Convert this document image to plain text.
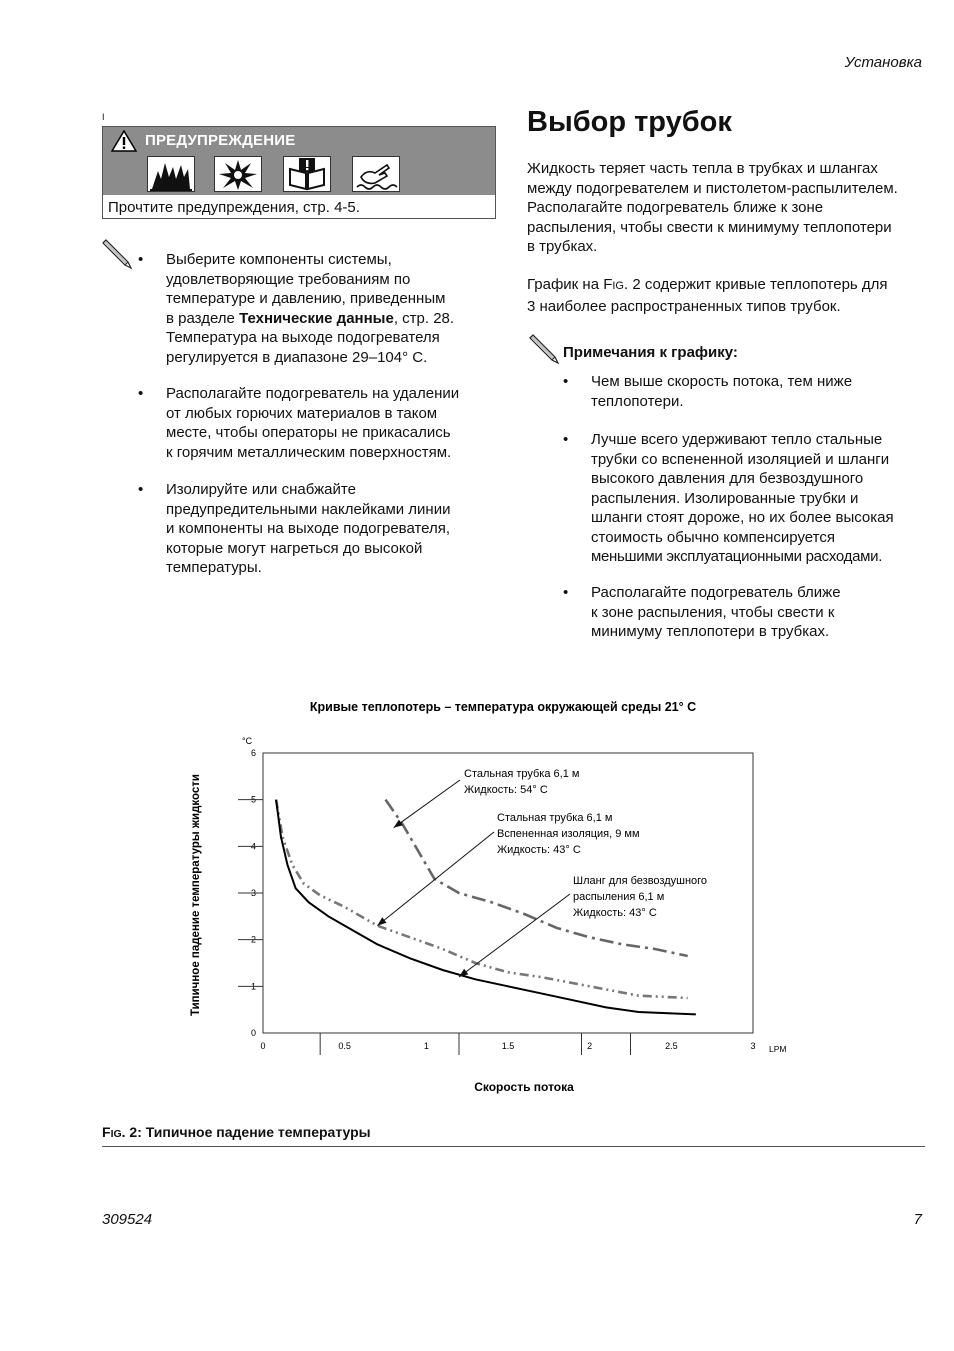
Установка
I
ПРЕДУПРЕЖДЕНИЕ
Прочтите предупреждения, стр. 4-5.
•	Выберите компоненты системы,
удовлетворяющие требованиям по
температуре и давлению, приведенным
в разделе Технические данные, стр. 28.
Температура на выходе подогревателя
регулируется в диапазоне 29–104° C.
•	Располагайте подогреватель на удалении
от любых горючих материалов в таком
месте, чтобы операторы не прикасались
к горячим металлическим поверхностям.
•	Изолируйте или снабжайте
предупредительными наклейками линии
и компоненты на выходе подогревателя,
которые могут нагреться до высокой
температуры.
Выбор трубок
Жидкость теряет часть тепла в трубках и шлангах
между подогревателем и пистолетом-распылителем.
Располагайте подогреватель ближе к зоне
распыления, чтобы свести к минимуму теплопотери
в трубках.
График на FIG. 2 содержит кривые теплопотерь для
3 наиболее распространенных типов трубок.
Примечания к графику:
•	Чем выше скорость потока, тем ниже
теплопотери.
•	Лучше всего удерживают тепло стальные
трубки со вспененной изоляцией и шланги
высокого давления для безвоздушного
распыления. Изолированные трубки и
шланги стоят дороже, но их более высокая
стоимость обычно компенсируется
меньшими эксплуатационными расходами.
•	Располагайте подогреватель ближе
к зоне распыления, чтобы свести к
минимуму теплопотери в трубках.
Кривые теплопотерь – температура окружающей среды 21° C
0
1
2
3
4
5
6
°C
0	0.5	1	1.5	2	2.5	3 LPM
Скорость потока
Типичное падение температуры жидкости	Стальная трубка 6,1 м
Жидкость: 54° C
Стальная трубка 6,1 м
Вспененная изоляция, 9 мм
Жидкость: 43° C
Шланг для безвоздушного
распыления 6,1 м
Жидкость: 43° C
FIG. 2: Типичное падение температуры
309524	7
